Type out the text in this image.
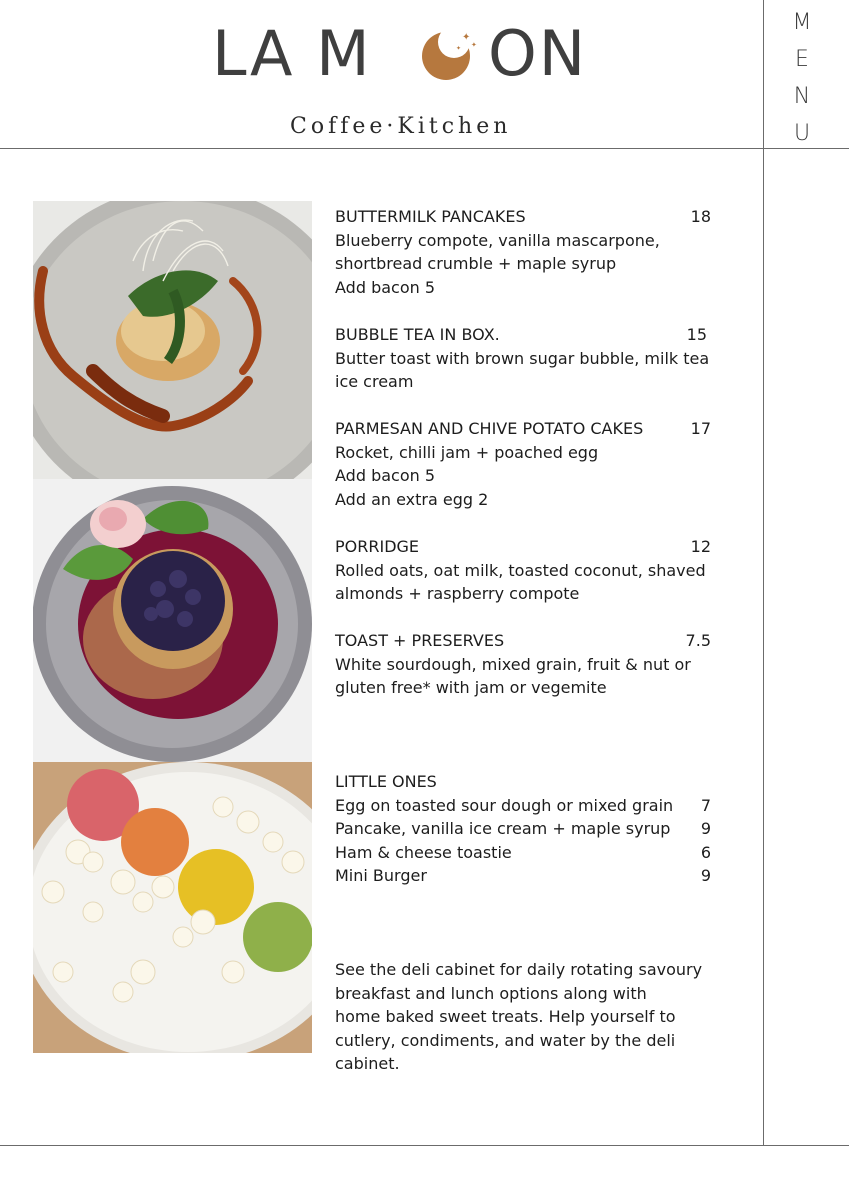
LA M	✦
✦
✦ ON
Coffee·Kitchen
M
E
N
U
BUTTERMILK PANCAKES	18
Blueberry compote, vanilla mascarpone,
shortbread crumble + maple syrup
Add bacon 5
BUBBLE TEA IN BOX.	15
Butter toast with brown sugar bubble, milk tea
ice cream
PARMESAN AND CHIVE POTATO CAKES	17
Rocket, chilli jam + poached egg
Add bacon 5
Add an extra egg 2
PORRIDGE	12
Rolled oats, oat milk, toasted coconut, shaved
almonds + raspberry compote
TOAST + PRESERVES	7.5
White sourdough, mixed grain, fruit & nut or
gluten free* with jam or vegemite
LITTLE ONES
Egg on toasted sour dough or mixed grain 7
Pancake, vanilla ice cream + maple syrup 9
Ham & cheese toastie	6
Mini Burger	9
See the deli cabinet for daily rotating savoury
breakfast and lunch options along with
home baked sweet treats. Help yourself to
cutlery, condiments, and water by the deli
cabinet.
